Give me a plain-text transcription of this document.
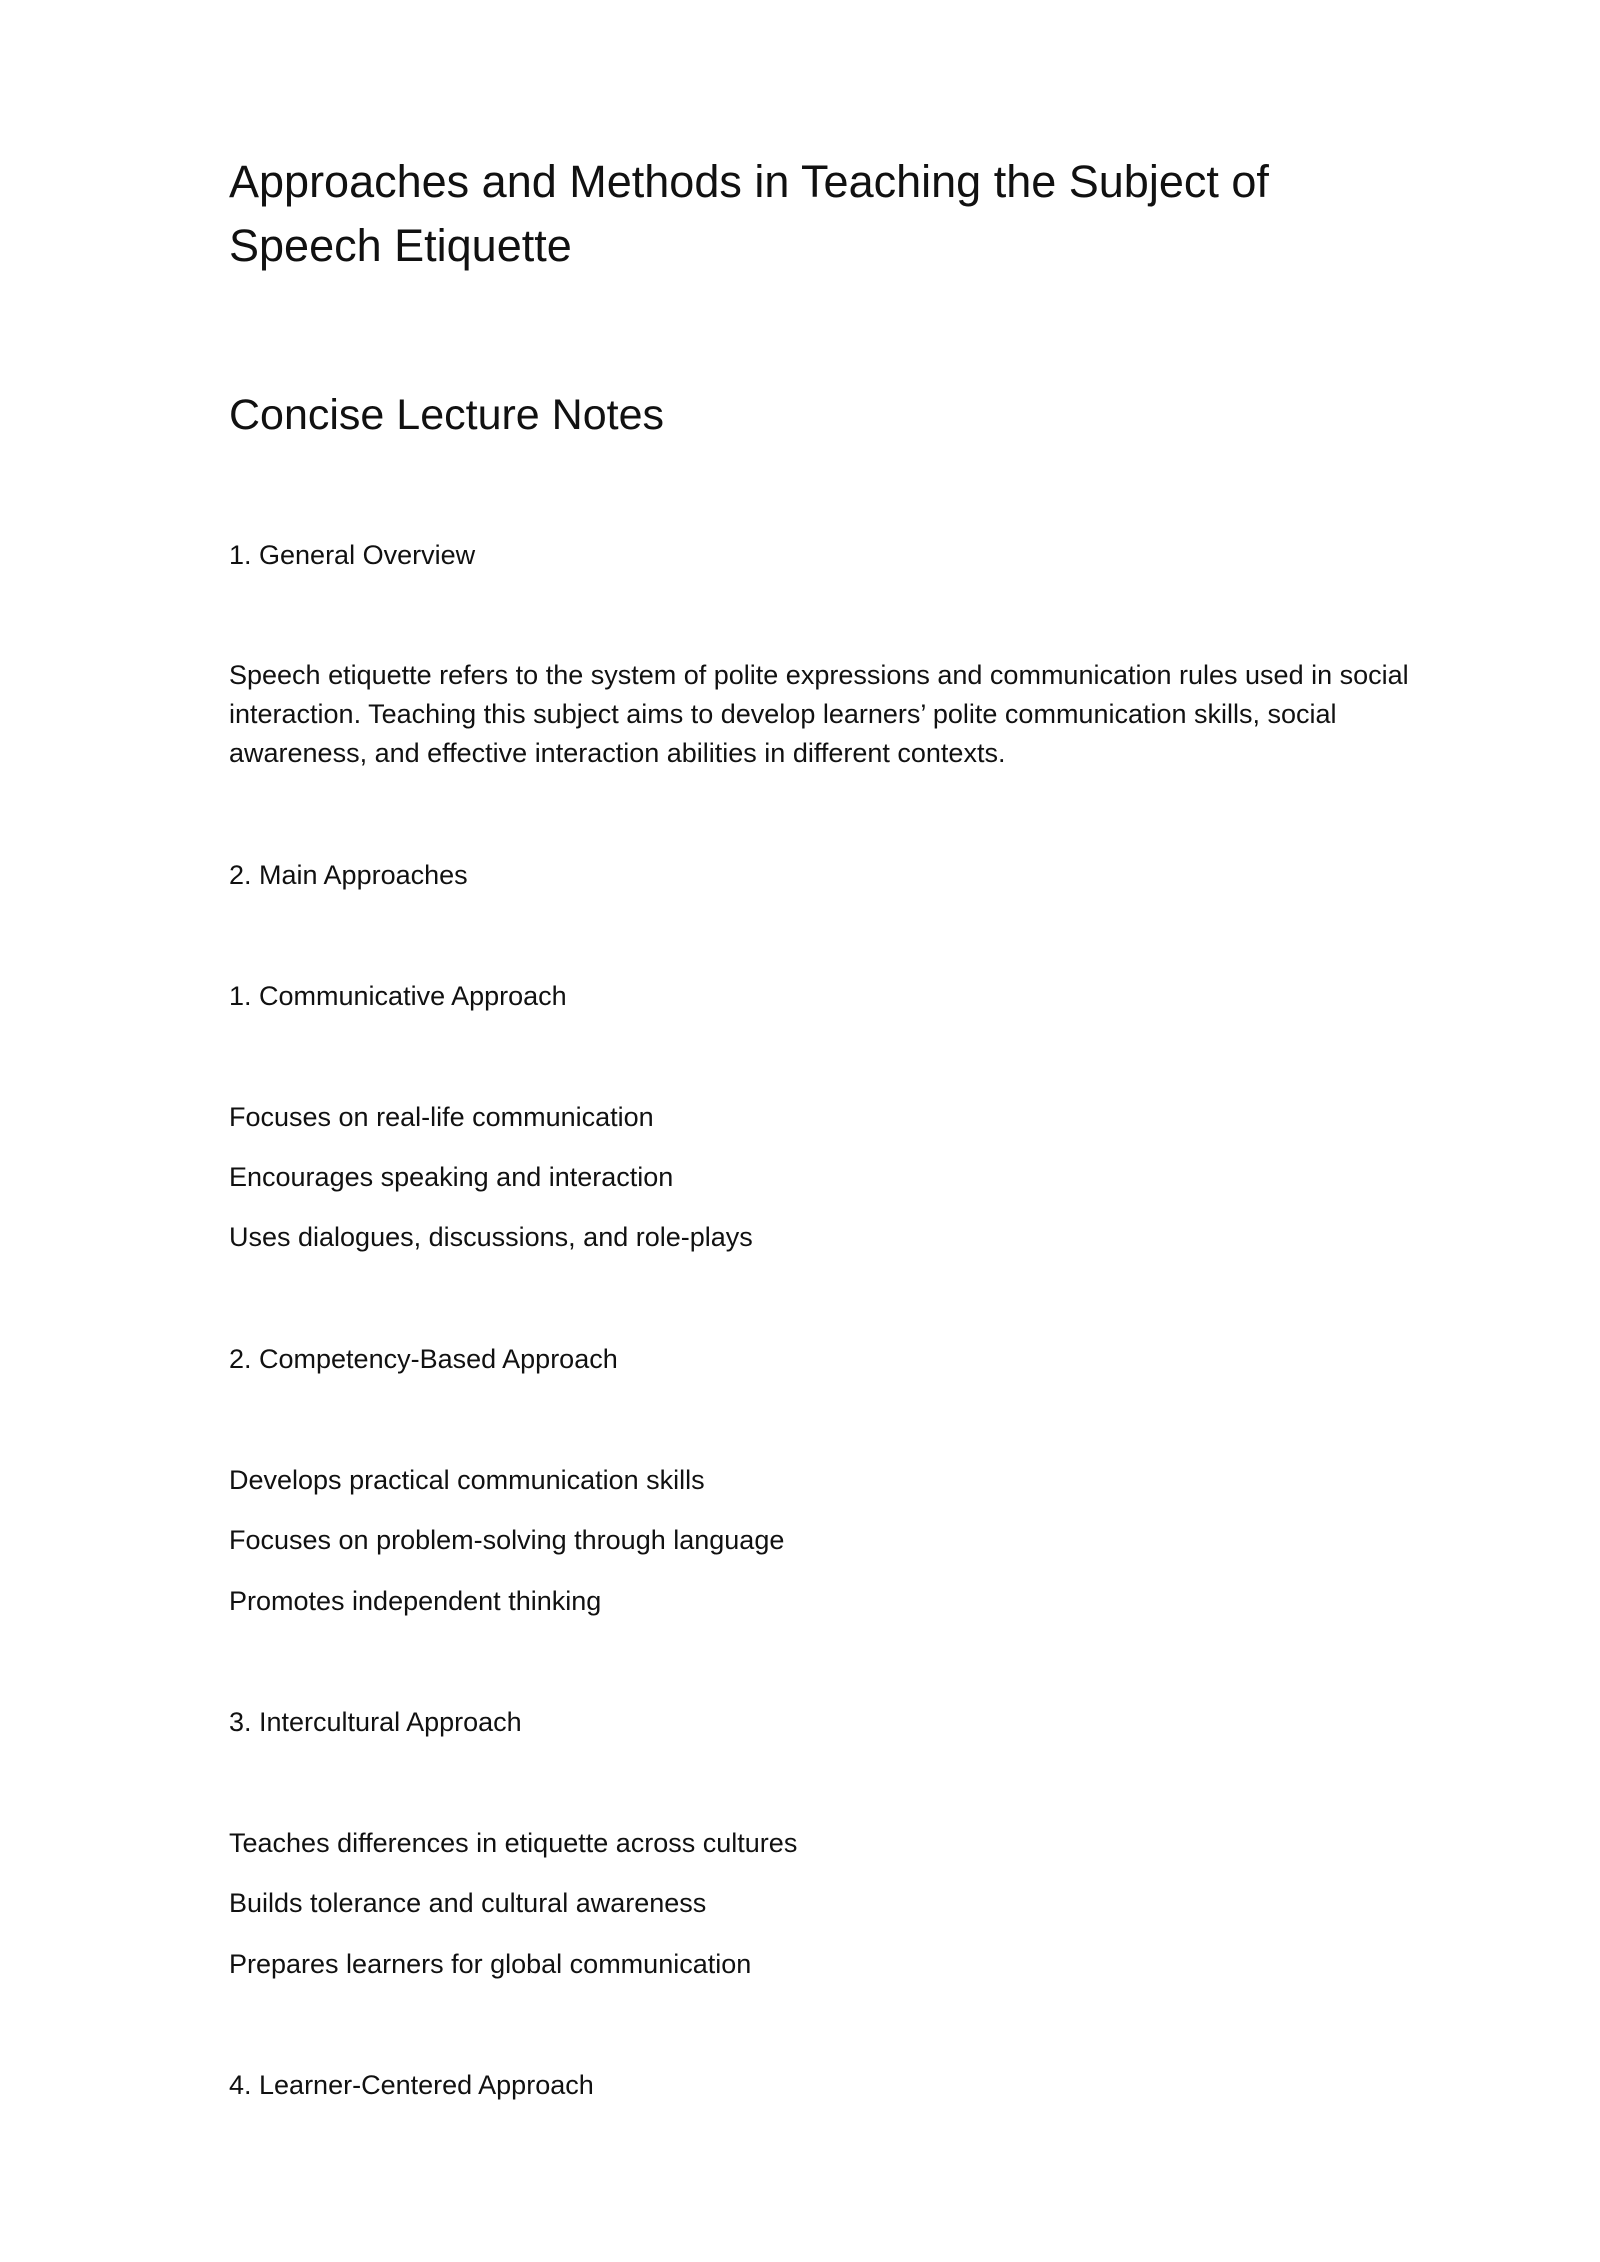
Approaches and Methods in Teaching the Subject of Speech Etiquette
Concise Lecture Notes

1. General Overview

Speech etiquette refers to the system of polite expressions and communication rules used in social interaction. Teaching this subject aims to develop learners’ polite communication skills, social awareness, and effective interaction abilities in different contexts.

2. Main Approaches

1. Communicative Approach

Focuses on real-life communication

Encourages speaking and interaction

Uses dialogues, discussions, and role-plays

2. Competency-Based Approach

Develops practical communication skills

Focuses on problem-solving through language

Promotes independent thinking

3. Intercultural Approach

Teaches differences in etiquette across cultures

Builds tolerance and cultural awareness

Prepares learners for global communication

4. Learner-Centered Approach
